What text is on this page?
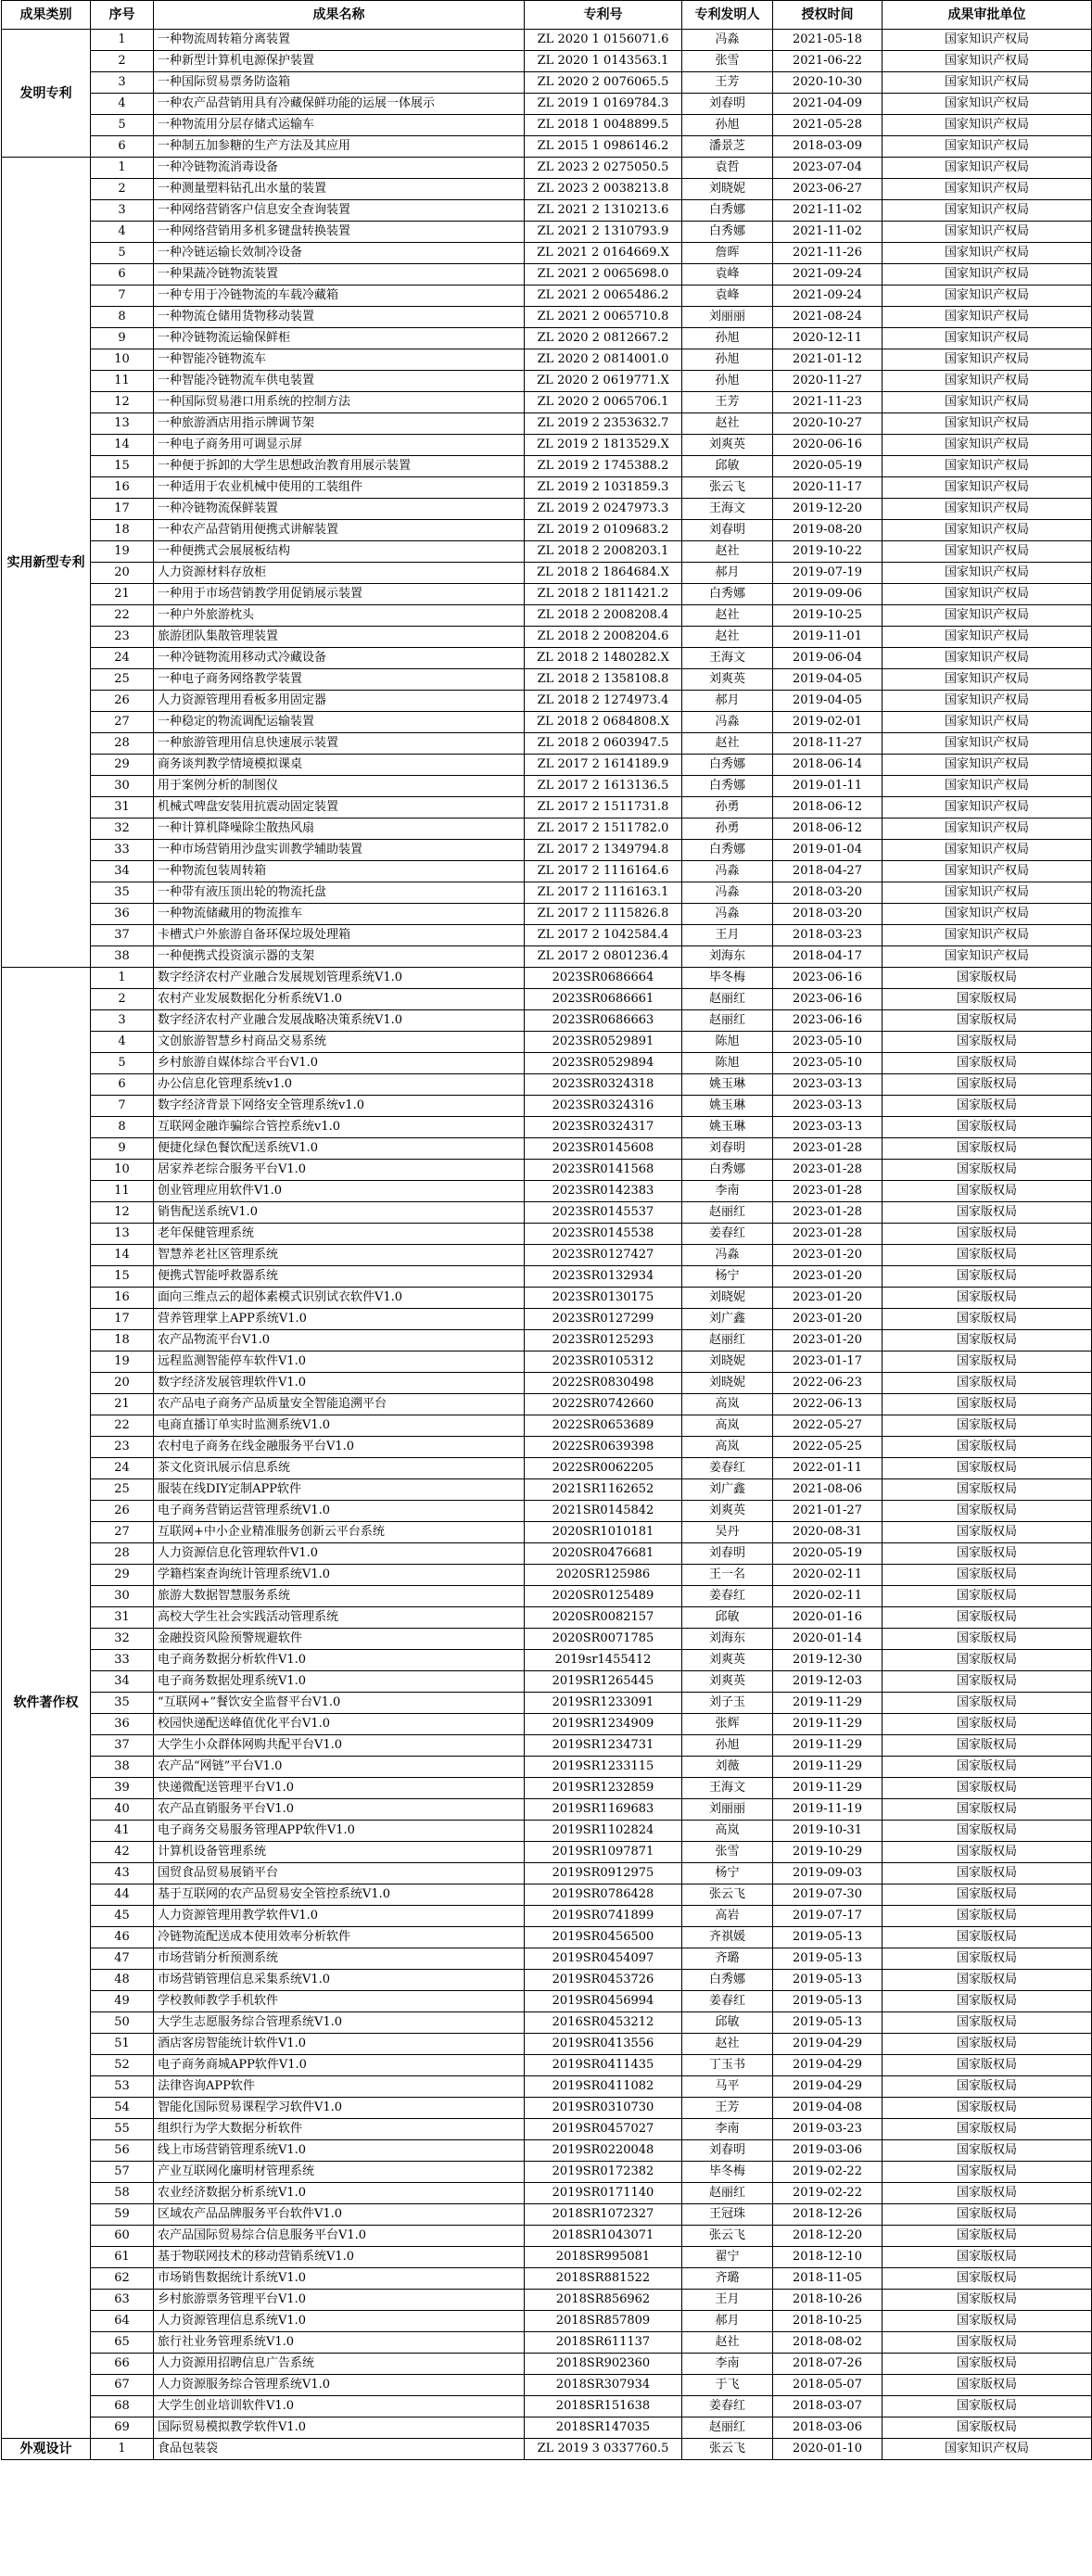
成果类别	序号	成果名称	专利号	专利发明人	授权时间	成果审批单位
发明专利	1	一种物流周转箱分离装置	ZL 2020 1 0156071.6	冯淼	2021-05-18	国家知识产权局
	2	一种新型计算机电源保护装置	ZL 2020 1 0143563.1	张雪	2021-06-22	国家知识产权局
	3	一种国际贸易票务防盗箱	ZL 2020 2 0076065.5	王芳	2020-10-30	国家知识产权局
	4	一种农产品营销用具有冷藏保鲜功能的运展一体展示	ZL 2019 1 0169784.3	刘春明	2021-04-09	国家知识产权局
	5	一种物流用分层存储式运输车	ZL 2018 1 0048899.5	孙旭	2021-05-28	国家知识产权局
	6	一种制五加参糖的生产方法及其应用	ZL 2015 1 0986146.2	潘景芝	2018-03-09	国家知识产权局
实用新型专利	1	一种冷链物流消毒设备	ZL 2023 2 0275050.5	袁哲	2023-07-04	国家知识产权局
	2	一种测量塑料钻孔出水量的装置	ZL 2023 2 0038213.8	刘晓妮	2023-06-27	国家知识产权局
	3	一种网络营销客户信息安全查询装置	ZL 2021 2 1310213.6	白秀娜	2021-11-02	国家知识产权局
	4	一种网络营销用多机多键盘转换装置	ZL 2021 2 1310793.9	白秀娜	2021-11-02	国家知识产权局
	5	一种冷链运输长效制冷设备	ZL 2021 2 0164669.X	詹晖	2021-11-26	国家知识产权局
	6	一种果蔬冷链物流装置	ZL 2021 2 0065698.0	袁峰	2021-09-24	国家知识产权局
	7	一种专用于冷链物流的车载冷藏箱	ZL 2021 2 0065486.2	袁峰	2021-09-24	国家知识产权局
	8	一种物流仓储用货物移动装置	ZL 2021 2 0065710.8	刘丽丽	2021-08-24	国家知识产权局
	9	一种冷链物流运输保鲜柜	ZL 2020 2 0812667.2	孙旭	2020-12-11	国家知识产权局
	10	一种智能冷链物流车	ZL 2020 2 0814001.0	孙旭	2021-01-12	国家知识产权局
	11	一种智能冷链物流车供电装置	ZL 2020 2 0619771.X	孙旭	2020-11-27	国家知识产权局
	12	一种国际贸易港口用系统的控制方法	ZL 2020 2 0065706.1	王芳	2021-11-23	国家知识产权局
	13	一种旅游酒店用指示牌调节架	ZL 2019 2 2353632.7	赵社	2020-10-27	国家知识产权局
	14	一种电子商务用可调显示屏	ZL 2019 2 1813529.X	刘爽英	2020-06-16	国家知识产权局
	15	一种便于拆卸的大学生思想政治教育用展示装置	ZL 2019 2 1745388.2	邱敏	2020-05-19	国家知识产权局
	16	一种适用于农业机械中使用的工装组件	ZL 2019 2 1031859.3	张云飞	2020-11-17	国家知识产权局
	17	一种冷链物流保鲜装置	ZL 2019 2 0247973.3	王海文	2019-12-20	国家知识产权局
	18	一种农产品营销用便携式讲解装置	ZL 2019 2 0109683.2	刘春明	2019-08-20	国家知识产权局
	19	一种便携式会展展板结构	ZL 2018 2 2008203.1	赵社	2019-10-22	国家知识产权局
	20	人力资源材料存放柜	ZL 2018 2 1864684.X	郝月	2019-07-19	国家知识产权局
	21	一种用于市场营销教学用促销展示装置	ZL 2018 2 1811421.2	白秀娜	2019-09-06	国家知识产权局
	22	一种户外旅游枕头	ZL 2018 2 2008208.4	赵社	2019-10-25	国家知识产权局
	23	旅游团队集散管理装置	ZL 2018 2 2008204.6	赵社	2019-11-01	国家知识产权局
	24	一种冷链物流用移动式冷藏设备	ZL 2018 2 1480282.X	王海文	2019-06-04	国家知识产权局
	25	一种电子商务网络教学装置	ZL 2018 2 1358108.8	刘爽英	2019-04-05	国家知识产权局
	26	人力资源管理用看板多用固定器	ZL 2018 2 1274973.4	郝月	2019-04-05	国家知识产权局
	27	一种稳定的物流调配运输装置	ZL 2018 2 0684808.X	冯淼	2019-02-01	国家知识产权局
	28	一种旅游管理用信息快速展示装置	ZL 2018 2 0603947.5	赵社	2018-11-27	国家知识产权局
	29	商务谈判教学情境模拟课桌	ZL 2017 2 1614189.9	白秀娜	2018-06-14	国家知识产权局
	30	用于案例分析的制图仪	ZL 2017 2 1613136.5	白秀娜	2019-01-11	国家知识产权局
	31	机械式啤盘安装用抗震动固定装置	ZL 2017 2 1511731.8	孙勇	2018-06-12	国家知识产权局
	32	一种计算机降噪除尘散热风扇	ZL 2017 2 1511782.0	孙勇	2018-06-12	国家知识产权局
	33	一种市场营销用沙盘实训教学辅助装置	ZL 2017 2 1349794.8	白秀娜	2019-01-04	国家知识产权局
	34	一种物流包装周转箱	ZL 2017 2 1116164.6	冯淼	2018-04-27	国家知识产权局
	35	一种带有液压顶出轮的物流托盘	ZL 2017 2 1116163.1	冯淼	2018-03-20	国家知识产权局
	36	一种物流储藏用的物流推车	ZL 2017 2 1115826.8	冯淼	2018-03-20	国家知识产权局
	37	卡槽式户外旅游自备环保垃圾处理箱	ZL 2017 2 1042584.4	王月	2018-03-23	国家知识产权局
	38	一种便携式投资演示器的支架	ZL 2017 2 0801236.4	刘海东	2018-04-17	国家知识产权局
软件著作权	1	数字经济农村产业融合发展规划管理系统V1.0	2023SR0686664	毕冬梅	2023-06-16	国家版权局
	2	农村产业发展数据化分析系统V1.0	2023SR0686661	赵丽红	2023-06-16	国家版权局
	3	数字经济农村产业融合发展战略决策系统V1.0	2023SR0686663	赵丽红	2023-06-16	国家版权局
	4	文创旅游智慧乡村商品交易系统	2023SR0529891	陈旭	2023-05-10	国家版权局
	5	乡村旅游自媒体综合平台V1.0	2023SR0529894	陈旭	2023-05-10	国家版权局
	6	办公信息化管理系统v1.0	2023SR0324318	姚玉琳	2023-03-13	国家版权局
	7	数字经济背景下网络安全管理系统v1.0	2023SR0324316	姚玉琳	2023-03-13	国家版权局
	8	互联网金融诈骗综合管控系统v1.0	2023SR0324317	姚玉琳	2023-03-13	国家版权局
	9	便捷化绿色餐饮配送系统V1.0	2023SR0145608	刘春明	2023-01-28	国家版权局
	10	居家养老综合服务平台V1.0	2023SR0141568	白秀娜	2023-01-28	国家版权局
	11	创业管理应用软件V1.0	2023SR0142383	李南	2023-01-28	国家版权局
	12	销售配送系统V1.0	2023SR0145537	赵丽红	2023-01-28	国家版权局
	13	老年保健管理系统	2023SR0145538	姜春红	2023-01-28	国家版权局
	14	智慧养老社区管理系统	2023SR0127427	冯淼	2023-01-20	国家版权局
	15	便携式智能呼救器系统	2023SR0132934	杨宁	2023-01-20	国家版权局
	16	面向三维点云的超体素模式识别试衣软件V1.0	2023SR0130175	刘晓妮	2023-01-20	国家版权局
	17	营养管理掌上APP系统V1.0	2023SR0127299	刘广鑫	2023-01-20	国家版权局
	18	农产品物流平台V1.0	2023SR0125293	赵丽红	2023-01-20	国家版权局
	19	远程监测智能停车软件V1.0	2023SR0105312	刘晓妮	2023-01-17	国家版权局
	20	数字经济发展管理软件V1.0	2022SR0830498	刘晓妮	2022-06-23	国家版权局
	21	农产品电子商务产品质量安全智能追溯平台	2022SR0742660	高岚	2022-06-13	国家版权局
	22	电商直播订单实时监测系统V1.0	2022SR0653689	高岚	2022-05-27	国家版权局
	23	农村电子商务在线金融服务平台V1.0	2022SR0639398	高岚	2022-05-25	国家版权局
	24	茶文化资讯展示信息系统	2022SR0062205	姜春红	2022-01-11	国家版权局
	25	服装在线DIY定制APP软件	2021SR1162652	刘广鑫	2021-08-06	国家版权局
	26	电子商务营销运营管理系统V1.0	2021SR0145842	刘爽英	2021-01-27	国家版权局
	27	互联网+中小企业精准服务创新云平台系统	2020SR1010181	吴丹	2020-08-31	国家版权局
	28	人力资源信息化管理软件V1.0	2020SR0476681	刘春明	2020-05-19	国家版权局
	29	学籍档案查询统计管理系统V1.0	2020SR125986	王一名	2020-02-11	国家版权局
	30	旅游大数据智慧服务系统	2020SR0125489	姜春红	2020-02-11	国家版权局
	31	高校大学生社会实践活动管理系统	2020SR0082157	邱敏	2020-01-16	国家版权局
	32	金融投资风险预警规避软件	2020SR0071785	刘海东	2020-01-14	国家版权局
	33	电子商务数据分析软件V1.0	2019sr1455412	刘爽英	2019-12-30	国家版权局
	34	电子商务数据处理系统V1.0	2019SR1265445	刘爽英	2019-12-03	国家版权局
	35	“互联网+”餐饮安全监督平台V1.0	2019SR1233091	刘子玉	2019-11-29	国家版权局
	36	校园快递配送峰值优化平台V1.0	2019SR1234909	张辉	2019-11-29	国家版权局
	37	大学生小众群体网购共配平台V1.0	2019SR1234731	孙旭	2019-11-29	国家版权局
	38	农产品“网链”平台V1.0	2019SR1233115	刘薇	2019-11-29	国家版权局
	39	快递微配送管理平台V1.0	2019SR1232859	王海文	2019-11-29	国家版权局
	40	农产品直销服务平台V1.0	2019SR1169683	刘丽丽	2019-11-19	国家版权局
	41	电子商务交易服务管理APP软件V1.0	2019SR1102824	高岚	2019-10-31	国家版权局
	42	计算机设备管理系统	2019SR1097871	张雪	2019-10-29	国家版权局
	43	国贸食品贸易展销平台	2019SR0912975	杨宁	2019-09-03	国家版权局
	44	基于互联网的农产品贸易安全管控系统V1.0	2019SR0786428	张云飞	2019-07-30	国家版权局
	45	人力资源管理用教学软件V1.0	2019SR0741899	高岩	2019-07-17	国家版权局
	46	冷链物流配送成本使用效率分析软件	2019SR0456500	齐祺媛	2019-05-13	国家版权局
	47	市场营销分析预测系统	2019SR0454097	齐璐	2019-05-13	国家版权局
	48	市场营销管理信息采集系统V1.0	2019SR0453726	白秀娜	2019-05-13	国家版权局
	49	学校教师教学手机软件	2019SR0456994	姜春红	2019-05-13	国家版权局
	50	大学生志愿服务综合管理系统V1.0	2016SR0453212	邱敏	2019-05-13	国家版权局
	51	酒店客房智能统计软件V1.0	2019SR0413556	赵社	2019-04-29	国家版权局
	52	电子商务商城APP软件V1.0	2019SR0411435	丁玉书	2019-04-29	国家版权局
	53	法律咨询APP软件	2019SR0411082	马平	2019-04-29	国家版权局
	54	智能化国际贸易课程学习软件V1.0	2019SR0310730	王芳	2019-04-08	国家版权局
	55	组织行为学大数据分析软件	2019SR0457027	李南	2019-03-23	国家版权局
	56	线上市场营销管理系统V1.0	2019SR0220048	刘春明	2019-03-06	国家版权局
	57	产业互联网化廉明材管理系统	2019SR0172382	毕冬梅	2019-02-22	国家版权局
	58	农业经济数据分析系统V1.0	2019SR0171140	赵丽红	2019-02-22	国家版权局
	59	区域农产品品牌服务平台软件V1.0	2018SR1072327	王冠珠	2018-12-26	国家版权局
	60	农产品国际贸易综合信息服务平台V1.0	2018SR1043071	张云飞	2018-12-20	国家版权局
	61	基于物联网技术的移动营销系统V1.0	2018SR995081	翟宁	2018-12-10	国家版权局
	62	市场销售数据统计系统V1.0	2018SR881522	齐璐	2018-11-05	国家版权局
	63	乡村旅游票务管理平台V1.0	2018SR856962	王月	2018-10-26	国家版权局
	64	人力资源管理信息系统V1.0	2018SR857809	郝月	2018-10-25	国家版权局
	65	旅行社业务管理系统V1.0	2018SR611137	赵社	2018-08-02	国家版权局
	66	人力资源用招聘信息广告系统	2018SR902360	李南	2018-07-26	国家版权局
	67	人力资源服务综合管理系统V1.0	2018SR307934	于飞	2018-05-07	国家版权局
	68	大学生创业培训软件V1.0	2018SR151638	姜春红	2018-03-07	国家版权局
	69	国际贸易模拟教学软件V1.0	2018SR147035	赵丽红	2018-03-06	国家版权局
外观设计	1	食品包装袋	ZL 2019 3 0337760.5	张云飞	2020-01-10	国家知识产权局
